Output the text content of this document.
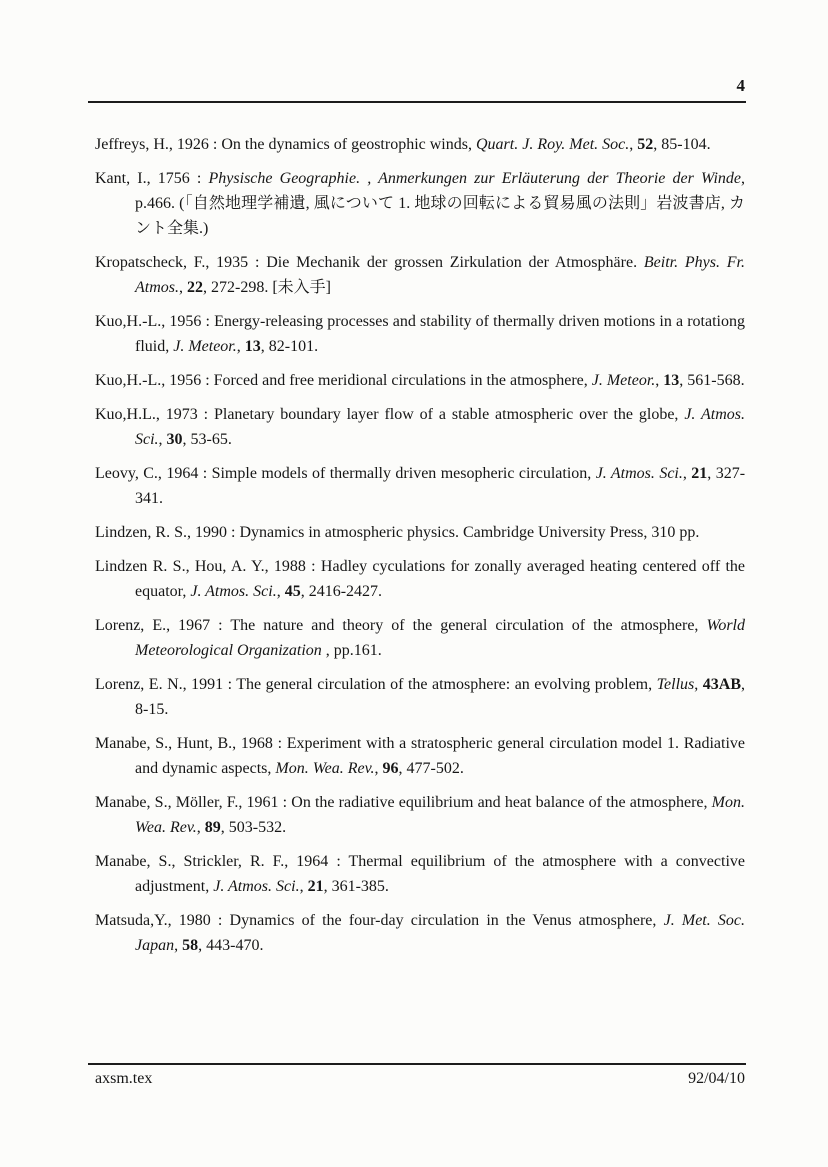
4

Jeffreys, H., 1926 : On the dynamics of geostrophic winds, Quart. J. Roy. Met. Soc., 52, 85-104.

Kant, I., 1756 : Physische Geographie. , Anmerkungen zur Erläuterung der Theorie der Winde, p.466. (「自然地理学補遺, 風について 1. 地球の回転による貿易風の法則」岩波書店, カント全集.)

Kropatscheck, F., 1935 : Die Mechanik der grossen Zirkulation der Atmosphäre. Beitr. Phys. Fr. Atmos., 22, 272-298. [未入手]

Kuo,H.-L., 1956 : Energy-releasing processes and stability of thermally driven motions in a rotationg fluid, J. Meteor., 13, 82-101.

Kuo,H.-L., 1956 : Forced and free meridional circulations in the atmosphere, J. Meteor., 13, 561-568.

Kuo,H.L., 1973 : Planetary boundary layer flow of a stable atmospheric over the globe, J. Atmos. Sci., 30, 53-65.

Leovy, C., 1964 : Simple models of thermally driven mesopheric circulation, J. Atmos. Sci., 21, 327-341.

Lindzen, R. S., 1990 : Dynamics in atmospheric physics. Cambridge University Press, 310 pp.

Lindzen R. S., Hou, A. Y., 1988 : Hadley cyculations for zonally averaged heating centered off the equator, J. Atmos. Sci., 45, 2416-2427.

Lorenz, E., 1967 : The nature and theory of the general circulation of the atmosphere, World Meteorological Organization , pp.161.

Lorenz, E. N., 1991 : The general circulation of the atmosphere: an evolving problem, Tellus, 43AB, 8-15.

Manabe, S., Hunt, B., 1968 : Experiment with a stratospheric general circulation model 1. Radiative and dynamic aspects, Mon. Wea. Rev., 96, 477-502.

Manabe, S., Möller, F., 1961 : On the radiative equilibrium and heat balance of the atmosphere, Mon. Wea. Rev., 89, 503-532.

Manabe, S., Strickler, R. F., 1964 : Thermal equilibrium of the atmosphere with a convective adjustment, J. Atmos. Sci., 21, 361-385.

Matsuda,Y., 1980 : Dynamics of the four-day circulation in the Venus atmosphere, J. Met. Soc. Japan, 58, 443-470.

axsm.tex	92/04/10
